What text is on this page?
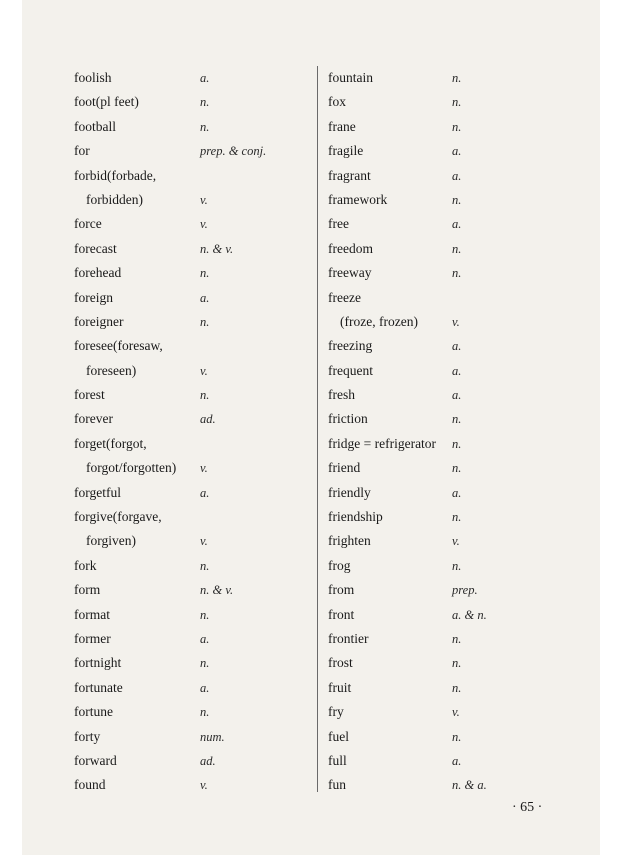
foolish	a.
foot(pl feet)	n.
football	n.
for	prep. & conj.
forbid(forbade,
forbidden)	v.
force	v.
forecast	n. & v.
forehead	n.
foreign	a.
foreigner	n.
foresee(foresaw,
foreseen)	v.
forest	n.
forever	ad.
forget(forgot,
forgot/forgotten) v.
forgetful	a.
forgive(forgave,
forgiven)	v.
fork	n.
form	n. & v.
format	n.
former	a.
fortnight	n.
fortunate	a.
fortune	n.
forty	num.
forward	ad.
found	v.
fountain	n.
fox	n.
frane	n.
fragile	a.
fragrant	a.
framework	n.
free	a.
freedom	n.
freeway	n.
freeze
(froze, frozen)	v.
freezing	a.
frequent	a.
fresh	a.
friction	n.
fridge = refrigerator n.
friend	n.
friendly	a.
friendship	n.
frighten	v.
frog	n.
from	prep.
front	a. & n.
frontier	n.
frost	n.
fruit	n.
fry	v.
fuel	n.
full	a.
fun	n. & a.
· 65 ·
